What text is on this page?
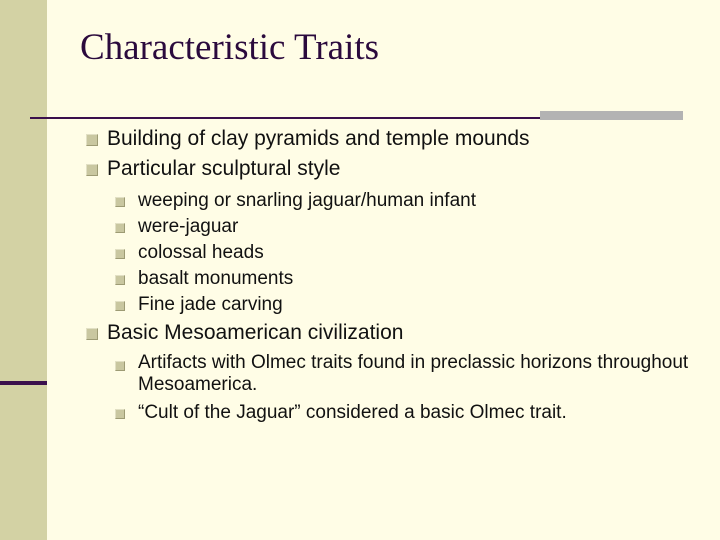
Characteristic Traits
Building of clay pyramids and temple mounds
Particular sculptural style
weeping or snarling jaguar/human infant
were-jaguar
colossal heads
basalt monuments
Fine jade carving
Basic Mesoamerican civilization
Artifacts with Olmec traits found in preclassic horizons throughout Mesoamerica.
“Cult of the Jaguar” considered a basic Olmec trait.
